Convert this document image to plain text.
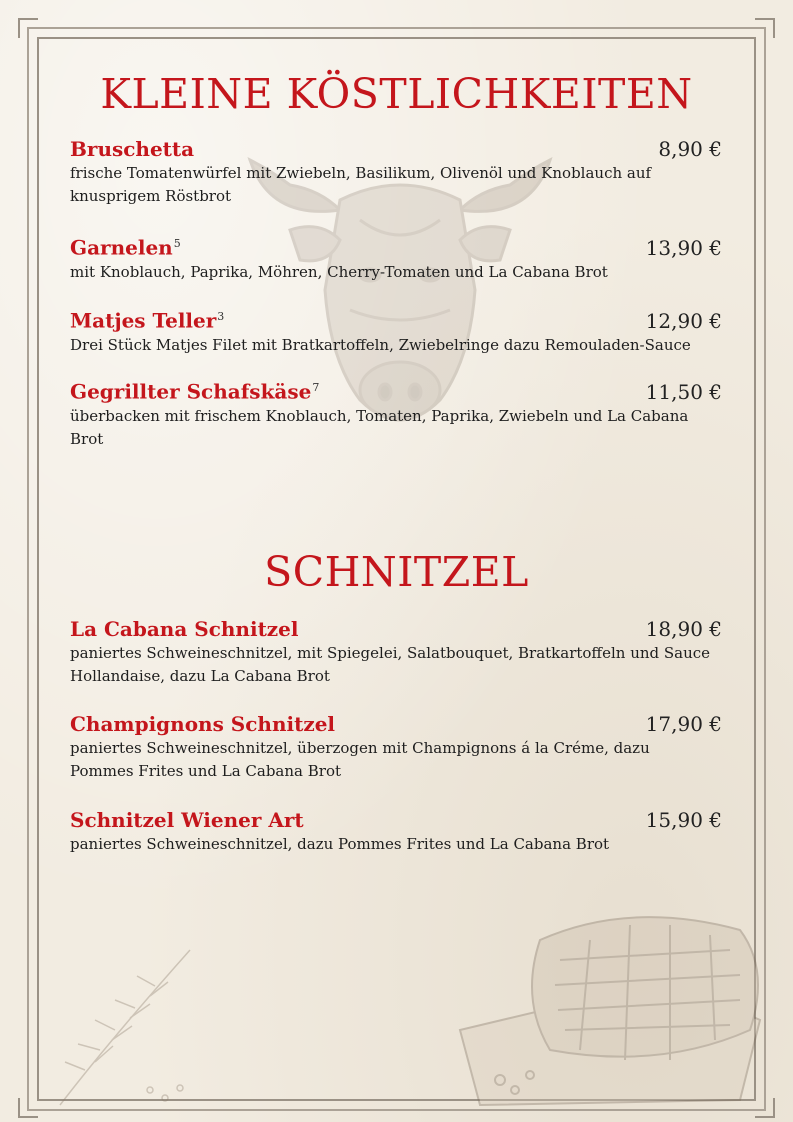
KLEINE KÖSTLICHKEITEN
Bruschetta	8,90 €
frische Tomatenwürfel mit Zwiebeln, Basilikum, Olivenöl und Knoblauch auf knusprigem Röstbrot
Garnelen$^5$	13,90 €
mit Knoblauch, Paprika, Möhren, Cherry-Tomaten und La Cabana Brot
Matjes Teller$^3$	12,90 €
Drei Stück Matjes Filet mit Bratkartoffeln, Zwiebelringe dazu Remouladen-Sauce
Gegrillter Schafskäse$^7$	11,50 €
überbacken mit frischem Knoblauch, Tomaten, Paprika, Zwiebeln und La Cabana Brot
SCHNITZEL
La Cabana Schnitzel	18,90 €
paniertes Schweineschnitzel, mit Spiegelei, Salatbouquet, Bratkartoffeln und Sauce Hollandaise, dazu La Cabana Brot
Champignons Schnitzel	17,90 €
paniertes Schweineschnitzel, überzogen mit Champignons á la Créme, dazu Pommes Frites und La Cabana Brot
Schnitzel Wiener Art	15,90 €
paniertes Schweineschnitzel, dazu Pommes Frites und La Cabana Brot
